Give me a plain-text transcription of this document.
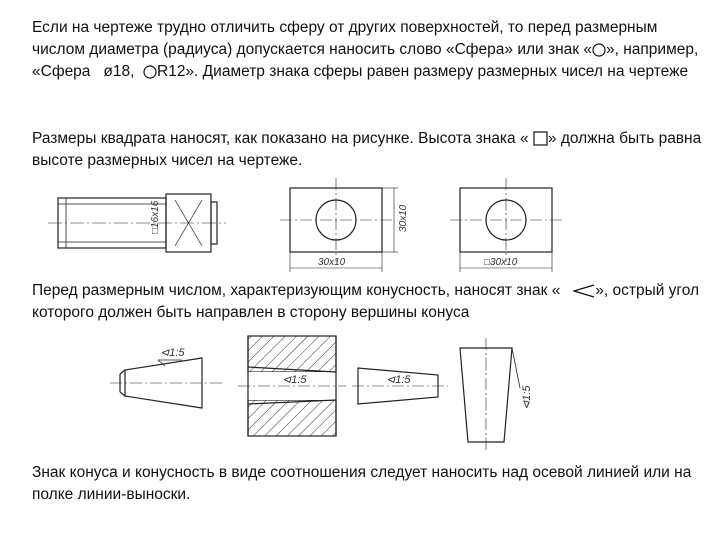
Если на чертеже трудно отличить сферу от других поверхностей, то перед размерным числом диаметра (радиуса) допускается наносить слово «Сфера» или знак « », например, «Сфера ø18, R12». Диаметр знака сферы равен размеру размерных чисел на чертеже

Размеры квадрата наносят, как показано на рисунке. Высота знака « » должна быть равна высоте размерных чисел на чертеже.

□16х16	30х10
30х10	□30х10

Перед размерным числом, характеризующим конусность, наносят знак « », острый угол которого должен быть направлен в сторону вершины конуса

⊲1:5
⊲1:5	⊲1:5
⊲1:5

Знак конуса и конусность в виде соотношения следует наносить над осевой линией или на полке линии-выноски.
